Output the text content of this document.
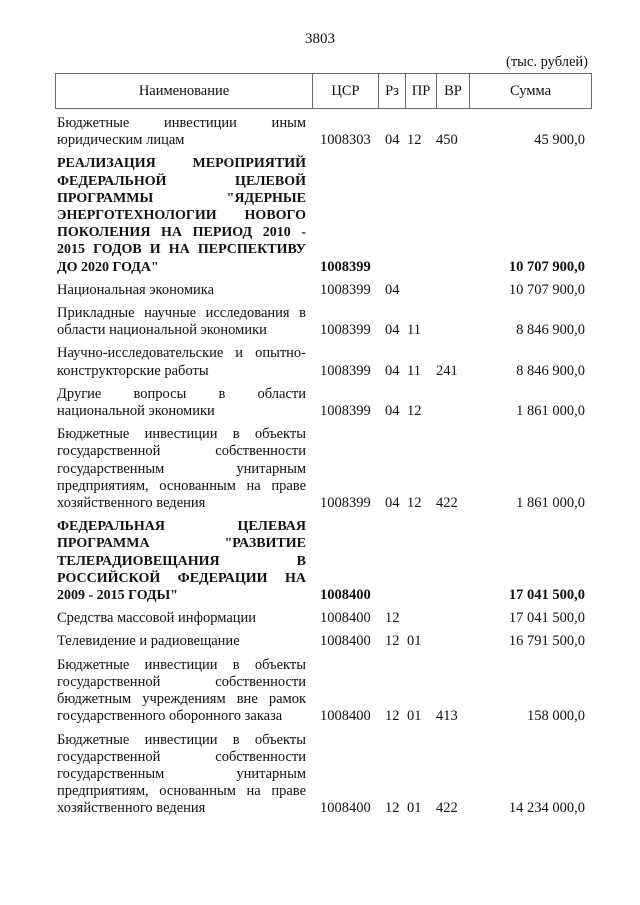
3803
(тыс. рублей)
Наименование	ЦСР	Рз ПР ВР	Сумма
Бюджетные инвестиции иным юридическим лицам	1008303 04 12	450	45 900,0
РЕАЛИЗАЦИЯ МЕРОПРИЯТИЙ ФЕДЕРАЛЬНОЙ ЦЕЛЕВОЙ ПРОГРАММЫ "ЯДЕРНЫЕ ЭНЕРГОТЕХНОЛОГИИ НОВОГО ПОКОЛЕНИЯ НА ПЕРИОД 2010 - 2015 ГОДОВ И НА ПЕРСПЕКТИВУ ДО 2020 ГОДА"	1008399	10 707 900,0
Национальная экономика	1008399 04	10 707 900,0
Прикладные научные исследования в области национальной экономики	1008399 04 11	8 846 900,0
Научно-исследовательские и опытно-конструкторские работы	1008399 04 11	241	8 846 900,0
Другие вопросы в области национальной экономики	1008399 04 12	1 861 000,0
Бюджетные инвестиции в объекты государственной собственности государственным унитарным предприятиям, основанным на праве хозяйственного ведения	1008399 04 12	422	1 861 000,0
ФЕДЕРАЛЬНАЯ ЦЕЛЕВАЯ ПРОГРАММА "РАЗВИТИЕ ТЕЛЕРАДИОВЕЩАНИЯ В РОССИЙСКОЙ ФЕДЕРАЦИИ НА 2009 - 2015 ГОДЫ"	1008400	17 041 500,0
Средства массовой информации	1008400 12	17 041 500,0
Телевидение и радиовещание	1008400 12 01	16 791 500,0
Бюджетные инвестиции в объекты государственной собственности бюджетным учреждениям вне рамок государственного оборонного заказа	1008400 12 01	413	158 000,0
Бюджетные инвестиции в объекты государственной собственности государственным унитарным предприятиям, основанным на праве хозяйственного ведения	1008400 12 01	422	14 234 000,0
